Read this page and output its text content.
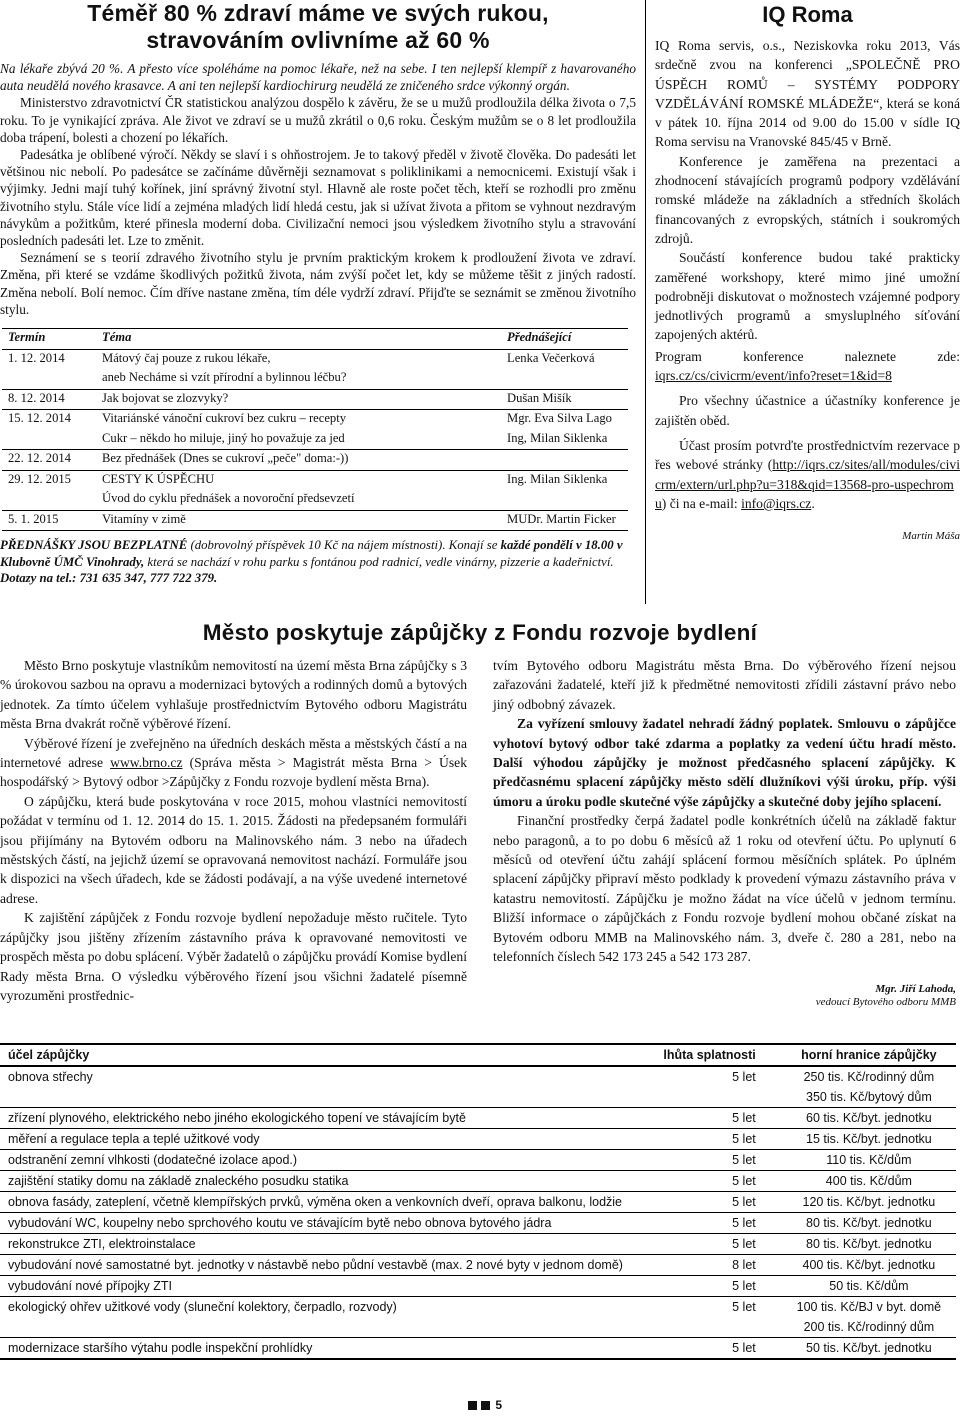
Téměř 80 % zdraví máme ve svých rukou,
stravováním ovlivníme až 60 %

Na lékaře zbývá 20 %. A přesto více spoléháme na pomoc lékaře, než na sebe. I ten nejlepší klempíř z havarovaného auta neudělá nového krasavce. A ani ten nejlepší kardiochirurg neudělá ze zničeného srdce výkonný orgán.

Ministerstvo zdravotnictví ČR statistickou analýzou dospělo k závěru, že se u mužů prodloužila délka života o 7,5 roku. To je vynikající zpráva. Ale život ve zdraví se u mužů zkrátil o 0,6 roku. Českým mužům se o 8 let prodloužila doba trápení, bolesti a chození po lékařích.

Padesátka je oblíbené výročí. Někdy se slaví i s ohňostrojem. Je to takový předěl v životě člověka. Do padesáti let většinou nic nebolí. Po padesátce se začínáme důvěrněji seznamovat s poliklinikami a nemocnicemi. Existují však i výjimky. Jedni mají tuhý kořínek, jiní správný životní styl. Hlavně ale roste počet těch, kteří se rozhodli pro změnu životního stylu. Stále více lidí a zejména mladých lidí hledá cestu, jak si užívat života a přitom se vyhnout nezdravým návykům a požitkům, které přinesla moderní doba. Civilizační nemoci jsou výsledkem životního stylu a stravování posledních padesáti let. Lze to změnit.

Seznámení se s teorií zdravého životního stylu je prvním praktickým krokem k prodloužení života ve zdraví. Změna, při které se vzdáme škodlivých požitků života, nám zvýší počet let, kdy se můžeme těšit z jiných radostí. Změna nebolí. Bolí nemoc. Čím dříve nastane změna, tím déle vydrží zdraví. Přijďte se seznámit se změnou životního stylu.

Termín	Téma	Přednášející
1. 12. 2014	Mátový čaj pouze z rukou lékaře,	Lenka Večerková
	aneb Necháme si vzít přírodní a bylinnou léčbu?	
8. 12. 2014	Jak bojovat se zlozvyky?	Dušan Mišík
15. 12. 2014	Vitariánské vánoční cukroví bez cukru – recepty	Mgr. Eva Silva Lago
	Cukr – někdo ho miluje, jiný ho považuje za jed	Ing, Milan Siklenka
22. 12. 2014	Bez přednášek (Dnes se cukroví „peče" doma:-))	
29. 12. 2015	CESTY K ÚSPĚCHU	Ing. Milan Siklenka
	Úvod do cyklu přednášek a novoroční předsevzetí	
5. 1. 2015	Vitamíny v zimě	MUDr. Martin Ficker

PŘEDNÁŠKY JSOU BEZPLATNÉ (dobrovolný příspěvek 10 Kč na nájem místnosti). Konají se každé pondělí v 18.00 v Klubovně ÚMČ Vinohrady, která se nachází v rohu parku s fontánou pod radnicí, vedle vinárny, pizzerie a kadeřnictví. Dotazy na tel.: 731 635 347, 777 722 379.

IQ Roma

IQ Roma servis, o.s., Neziskovka roku 2013, Vás srdečně zvou na konferenci „SPOLEČNĚ PRO ÚSPĚCH ROMŮ – SYSTÉMY PODPORY VZDĚLÁVÁNÍ ROMSKÉ MLÁDEŽE“, která se koná v pátek 10. října 2014 od 9.00 do 15.00 v sídle IQ Roma servisu na Vranovské 845/45 v Brně.

Konference je zaměřena na prezentaci a zhodnocení stávajících programů podpory vzdělávání romské mládeže na základních a středních školách financovaných z evropských, státních i soukromých zdrojů.

Součástí konference budou také prakticky zaměřené workshopy, které mimo jiné umožní podrobněji diskutovat o možnostech vzájemné podpory jednotlivých programů a smysluplného síťování zapojených aktérů.

Program konference naleznete zde: iqrs.cz/cs/civicrm/event/info?reset=1&id=8

Pro všechny účastnice a účastníky konference je zajištěn oběd.

Účast prosím potvrďte prostřednictvím rezervace přes webové stránky (http://iqrs.cz/sites/all/modules/civicrm/extern/url.php?u=318&qid=13568-pro-uspechromu) či na e-mail: info@iqrs.cz.

Martin Máša

Město poskytuje zápůjčky z Fondu rozvoje bydlení

Město Brno poskytuje vlastníkům nemovitostí na území města Brna zápůjčky s 3 % úrokovou sazbou na opravu a modernizaci bytových a rodinných domů a bytových jednotek. Za tímto účelem vyhlašuje prostřednictvím Bytového odboru Magistrátu města Brna dvakrát ročně výběrové řízení.

Výběrové řízení je zveřejněno na úředních deskách města a městských částí a na internetové adrese www.brno.cz (Správa města > Magistrát města Brna > Úsek hospodářský > Bytový odbor >Zápůjčky z Fondu rozvoje bydlení města Brna).

O zápůjčku, která bude poskytována v roce 2015, mohou vlastníci nemovitostí požádat v termínu od 1. 12. 2014 do 15. 1. 2015. Žádosti na předepsaném formuláři jsou přijímány na Bytovém odboru na Malinovského nám. 3 nebo na úřadech městských částí, na jejichž území se opravovaná nemovitost nachází. Formuláře jsou k dispozici na všech úřadech, kde se žádosti podávají, a na výše uvedené internetové adrese.

K zajištění zápůjček z Fondu rozvoje bydlení nepožaduje město ručitele. Tyto zápůjčky jsou jištěny zřízením zástavního práva k opravované nemovitosti ve prospěch města po dobu splácení. Výběr žadatelů o zápůjčku provádí Komise bydlení Rady města Brna. O výsledku výběrového řízení jsou všichni žadatelé písemně vyrozuměni prostřednic-

tvím Bytového odboru Magistrátu města Brna. Do výběrového řízení nejsou zařazováni žadatelé, kteří již k předmětné nemovitosti zřídili zástavní právo nebo jiný odbobný závazek.

Za vyřízení smlouvy žadatel nehradí žádný poplatek. Smlouvu o zápůjčce vyhotoví bytový odbor také zdarma a poplatky za vedení účtu hradí město. Další výhodou zápůjčky je možnost předčasného splacení zápůjčky. K předčasnému splacení zápůjčky město sdělí dlužníkovi výši úroku, příp. výši úmoru a úroku podle skutečné výše zápůjčky a skutečné doby jejího splacení.

Finanční prostředky čerpá žadatel podle konkrétních účelů na základě faktur nebo paragonů, a to po dobu 6 měsíců až 1 roku od otevření účtu. Po uplynutí 6 měsíců od otevření účtu zahájí splácení formou měsíčních splátek. Po úplném splacení zápůjčky připraví město podklady k provedení výmazu zástavního práva v katastru nemovitostí. Zápůjčku je možno žádat na více účelů v jednom termínu. Bližší informace o zápůjčkách z Fondu rozvoje bydlení mohou občané získat na Bytovém odboru MMB na Malinovského nám. 3, dveře č. 280 a 281, nebo na telefonních číslech 542 173 245 a 542 173 287.

Mgr. Jiří Lahoda,
vedoucí Bytového odboru MMB

účel zápůjčky	lhůta splatnosti	horní hranice zápůjčky
obnova střechy	5 let	250 tis. Kč/rodinný dům
		350 tis. Kč/bytový dům
zřízení plynového, elektrického nebo jiného ekologického topení ve stávajícím bytě	5 let	60 tis. Kč/byt. jednotku
měření a regulace tepla a teplé užitkové vody	5 let	15 tis. Kč/byt. jednotku
odstranění zemní vlhkosti (dodatečné izolace apod.)	5 let	110 tis. Kč/dům
zajištění statiky domu na základě znaleckého posudku statika	5 let	400 tis. Kč/dům
obnova fasády, zateplení, včetně klempířských prvků, výměna oken a venkovních dveří, oprava balkonu, lodžie	5 let	120 tis. Kč/byt. jednotku
vybudování WC, koupelny nebo sprchového koutu ve stávajícím bytě nebo obnova bytového jádra	5 let	80 tis. Kč/byt. jednotku
rekonstrukce ZTI, elektroinstalace	5 let	80 tis. Kč/byt. jednotku
vybudování nové samostatné byt. jednotky v nástavbě nebo půdní vestavbě (max. 2 nové byty v jednom domě)	8 let	400 tis. Kč/byt. jednotku
vybudování nové přípojky ZTI	5 let	50 tis. Kč/dům
ekologický ohřev užitkové vody (sluneční kolektory, čerpadlo, rozvody)	5 let	100 tis. Kč/BJ v byt. domě
		200 tis. Kč/rodinný dům
modernizace staršího výtahu podle inspekční prohlídky	5 let	50 tis. Kč/byt. jednotku
5
